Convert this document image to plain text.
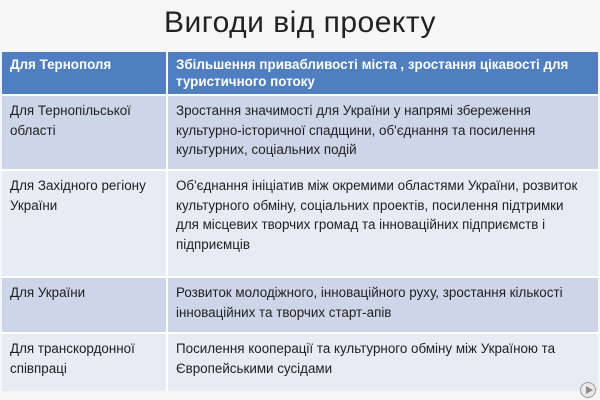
Вигоди від проекту
Для Тернополя	Збільшення привабливості міста , зростання цікавості для туристичного потоку

Для Тернопільської області	Зростання значимості для України у напрямі збереження культурно-історичної спадщини, об'єднання та посилення культурних, соціальних подій

Для Західного регіону України	Об'єднання ініціатив між окремими областями України, розвиток культурного обміну, соціальних проектів, посилення підтримки для місцевих творчих громад та інноваційних підприємств і підприємців

Для України	Розвиток молодіжного, інноваційного руху, зростання кількості інноваційних та творчих старт-апів

Для транскордонної співпраці	Посилення кооперації та культурного обміну між Україною та Європейськими сусідами
